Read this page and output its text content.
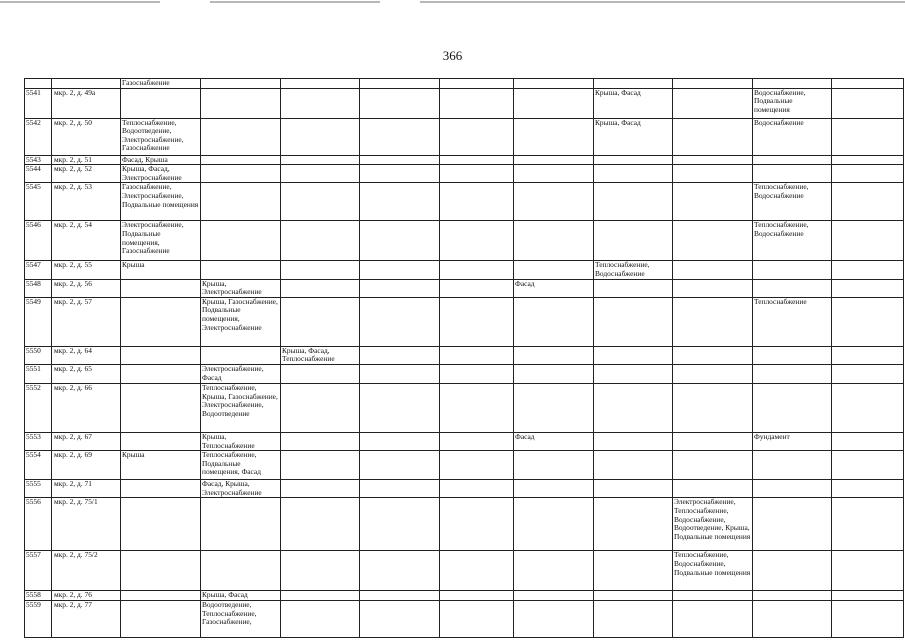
366
		Газоснабжение									
5541	мкр. 2, д. 49а							Крыша, Фасад		Водоснабжение, Подвальные помещения	
5542	мкр. 2, д. 50	Теплоснабжение, Водоотведение, Электроснабжение, Газоснабжение						Крыша, Фасад		Водоснабжение	
5543	мкр. 2, д. 51	Фасад, Крыша									
5544	мкр. 2, д. 52	Крыша, Фасад, Электроснабжение									
5545	мкр. 2, д. 53	Газоснабжение, Электроснабжение, Подвальные помещения								Теплоснабжение, Водоснабжение	
5546	мкр. 2, д. 54	Электроснабжение, Подвальные помещения, Газоснабжение								Теплоснабжение, Водоснабжение	
5547	мкр. 2, д. 55	Крыша						Теплоснабжение, Водоснабжение			
5548	мкр. 2, д. 56		Крыша, Электроснабжение				Фасад				
5549	мкр. 2, д. 57		Крыша, Газоснабжение, Подвальные помещения, Электроснабжение							Теплоснабжение	
5550	мкр. 2, д. 64			Крыша, Фасад, Теплоснабжение							
5551	мкр. 2, д. 65		Электроснабжение, Фасад								
5552	мкр. 2, д. 66		Теплоснабжение, Крыша, Газоснабжение, Электроснабжение, Водоотведение								
5553	мкр. 2, д. 67		Крыша, Теплоснабжение				Фасад			Фундамент	
5554	мкр. 2, д. 69	Крыша	Теплоснабжение, Подвальные помещения, Фасад								
5555	мкр. 2, д. 71		Фасад, Крыша, Электроснабжение								
5556	мкр. 2, д. 75/1								Электроснабжение, Теплоснабжение, Водоснабжение, Водоотведение, Крыша, Подвальные помещения		
5557	мкр. 2, д. 75/2								Теплоснабжение, Водоснабжение, Подвальные помещения		
5558	мкр. 2, д. 76		Крыша, Фасад								
5559	мкр. 2, д. 77		Водоотведение, Теплоснабжение, Газоснабжение,								
